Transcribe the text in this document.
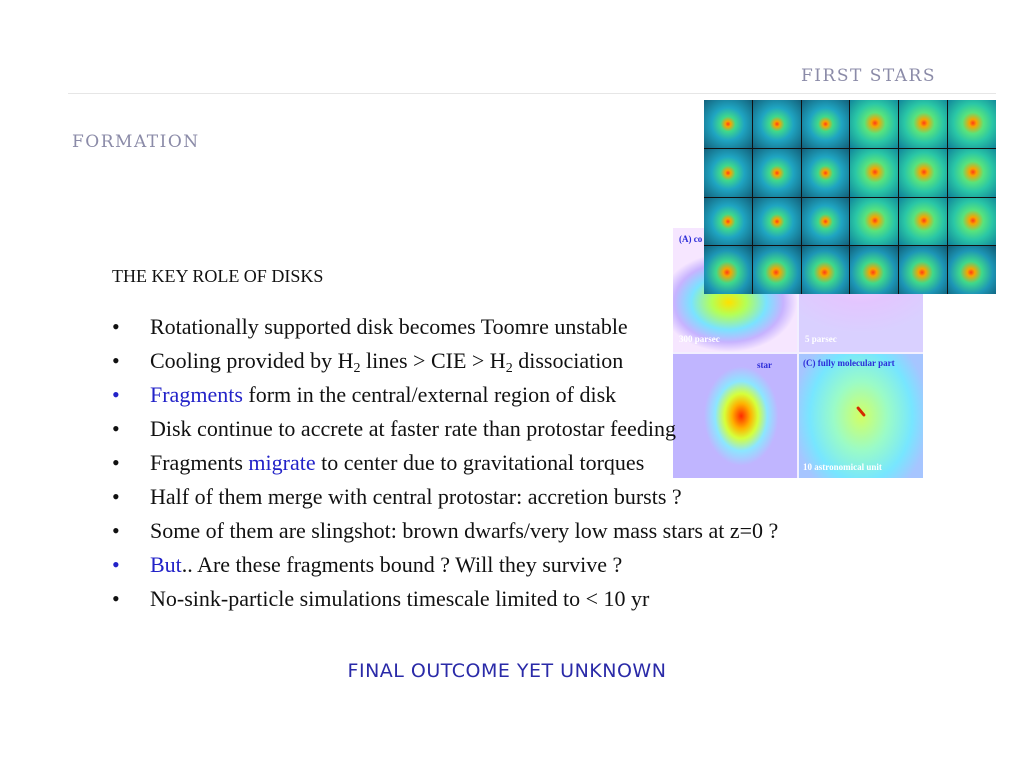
FIRST STARS
FORMATION
(A) co
300 parsec	5 parsec
star	(C) fully molecular part
10 astronomical unit
THE KEY ROLE OF DISKS
• Rotationally supported disk becomes Toomre unstable
• Cooling provided by $H_2$ lines > CIE > $H_2$ dissociation
• Fragments form in the central/external region of disk
• Disk continue to accrete at faster rate than protostar feeding
• Fragments migrate to center due to gravitational torques
• Half of them merge with central protostar: accretion bursts ?
• Some of them are slingshot: brown dwarfs/very low mass stars at z=0 ?
• But.. Are these fragments bound ? Will they survive ?
• No-sink-particle simulations timescale limited to < 10 yr
FINAL OUTCOME YET UNKNOWN
